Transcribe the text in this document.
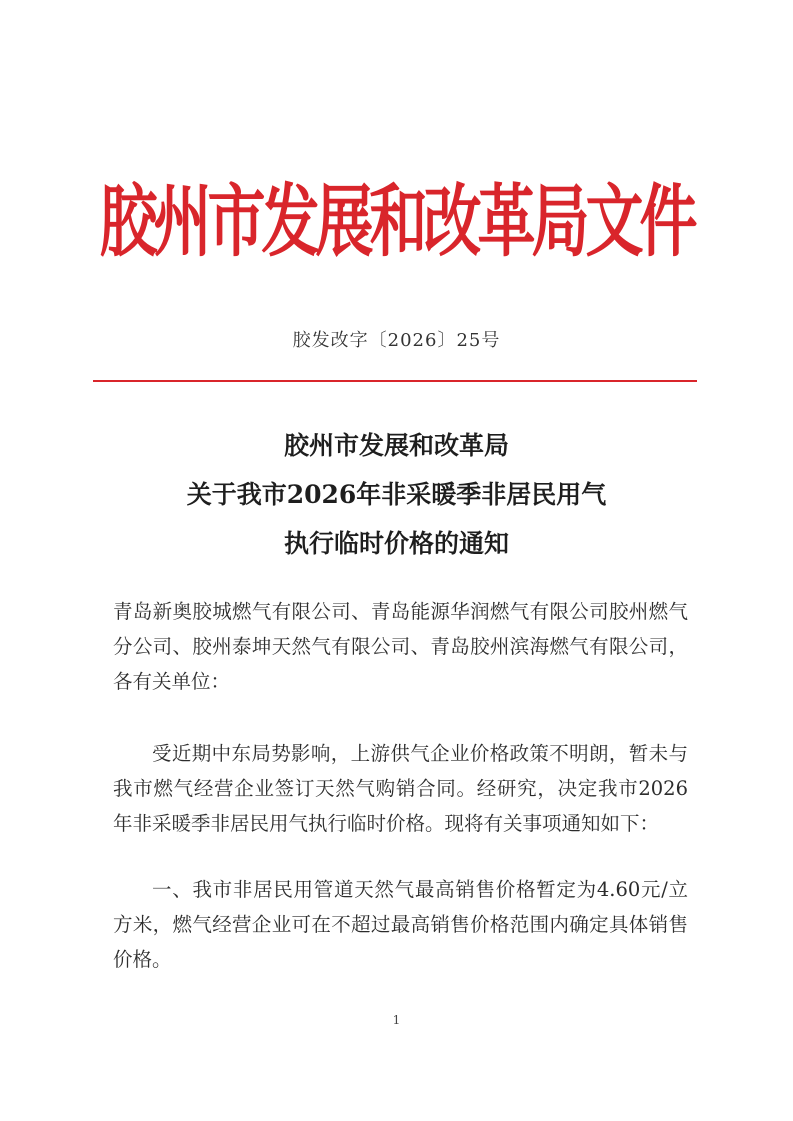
胶州市发展和改革局文件
胶发改字〔2026〕25号
胶州市发展和改革局
关于我市2026年非采暖季非居民用气
执行临时价格的通知

青岛新奥胶城燃气有限公司、青岛能源华润燃气有限公司胶州燃气分公司、胶州泰坤天然气有限公司、青岛胶州滨海燃气有限公司，各有关单位：

受近期中东局势影响，上游供气企业价格政策不明朗，暂未与我市燃气经营企业签订天然气购销合同。经研究，决定我市2026年非采暖季非居民用气执行临时价格。现将有关事项通知如下：

一、我市非居民用管道天然气最高销售价格暂定为4.60元/立方米，燃气经营企业可在不超过最高销售价格范围内确定具体销售价格。

1
